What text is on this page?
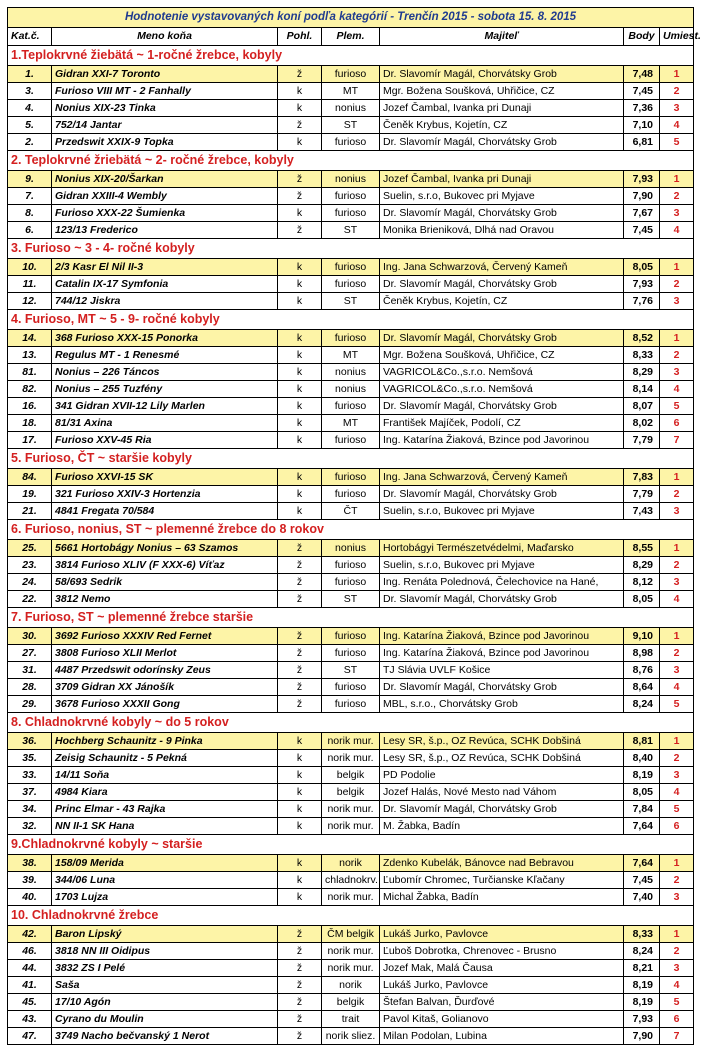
Hodnotenie vystavovaných koní podľa kategórií - Trenčín 2015 - sobota 15. 8. 2015						
Kat.č.	Meno koňa	Pohl.	Plem.	Majiteľ	Body	Umiest.
1.Teplokrvné žiebätá ~ 1-ročné žrebce, kobyly						
1.	Gidran XXI-7 Toronto	ž	furioso	Dr. Slavomír Magál, Chorvátsky Grob	7,48	1
3.	Furioso VIII MT - 2 Fanhally	k	MT	Mgr. Božena Soušková, Uhřičice, CZ	7,45	2
4.	Nonius XIX-23 Tinka	k	nonius	Jozef Čambal, Ivanka pri Dunaji	7,36	3
5.	752/14 Jantar	ž	ST	Čeněk Krybus, Kojetín, CZ	7,10	4
2.	Przedswit XXIX-9 Topka	k	furioso	Dr. Slavomír Magál, Chorvátsky Grob	6,81	5
2. Teplokrvné žriebätá ~ 2- ročné žrebce, kobyly						
9.	Nonius XIX-20/Šarkan	ž	nonius	Jozef Čambal, Ivanka pri Dunaji	7,93	1
7.	Gidran XXIII-4 Wembly	ž	furioso	Suelin, s.r.o, Bukovec pri Myjave	7,90	2
8.	Furioso XXX-22 Šumienka	k	furioso	Dr. Slavomír Magál, Chorvátsky Grob	7,67	3
6.	123/13 Frederico	ž	ST	Monika Brieniková, Dlhá nad Oravou	7,45	4
3. Furioso ~ 3 - 4- ročné kobyly						
10.	2/3 Kasr El Nil II-3	k	furioso	Ing. Jana Schwarzová, Červený Kameň	8,05	1
11.	Catalin IX-17 Symfonia	k	furioso	Dr. Slavomír Magál, Chorvátsky Grob	7,93	2
12.	744/12 Jiskra	k	ST	Čeněk Krybus, Kojetín, CZ	7,76	3
4. Furioso, MT ~ 5 - 9- ročné kobyly						
14.	368 Furioso XXX-15 Ponorka	k	furioso	Dr. Slavomír Magál, Chorvátsky Grob	8,52	1
13.	Regulus MT - 1 Renesmé	k	MT	Mgr. Božena Soušková, Uhřičice, CZ	8,33	2
81.	Nonius – 226 Táncos	k	nonius	VAGRICOL&Co.,s.r.o. Nemšová	8,29	3
82.	Nonius – 255 Tuzfény	k	nonius	VAGRICOL&Co.,s.r.o. Nemšová	8,14	4
16.	341 Gidran XVII-12 Lily Marlen	k	furioso	Dr. Slavomír Magál, Chorvátsky Grob	8,07	5
18.	81/31 Axina	k	MT	František Majíček, Podolí, CZ	8,02	6
17.	Furioso XXV-45 Ria	k	furioso	Ing. Katarína Žiaková, Bzince pod Javorinou	7,79	7
5. Furioso, ČT ~ staršie kobyly						
84.	Furioso XXVI-15 SK	k	furioso	Ing. Jana Schwarzová, Červený Kameň	7,83	1
19.	321 Furioso XXIV-3 Hortenzia	k	furioso	Dr. Slavomír Magál, Chorvátsky Grob	7,79	2
21.	4841 Fregata 70/584	k	ČT	Suelin, s.r.o, Bukovec pri Myjave	7,43	3
6. Furioso, nonius, ST ~ plemenné žrebce do 8 rokov						
25.	5661 Hortobágy Nonius – 63 Szamos	ž	nonius	Hortobágyi Természetvédelmi, Maďarsko	8,55	1
23.	3814 Furioso XLIV (F XXX-6) Víťaz	ž	furioso	Suelin, s.r.o, Bukovec pri Myjave	8,29	2
24.	58/693 Sedrik	ž	furioso	Ing. Renáta Polednová, Čelechovice na Hané,	8,12	3
22.	3812 Nemo	ž	ST	Dr. Slavomír Magál, Chorvátsky Grob	8,05	4
7. Furioso, ST ~ plemenné žrebce staršie						
30.	3692 Furioso XXXIV Red Fernet	ž	furioso	Ing. Katarína Žiaková, Bzince pod Javorinou	9,10	1
27.	3808 Furioso XLII Merlot	ž	furioso	Ing. Katarína Žiaková, Bzince pod Javorinou	8,98	2
31.	4487 Przedswit odorínsky Zeus	ž	ST	TJ Slávia UVLF Košice	8,76	3
28.	3709 Gidran XX Jánošík	ž	furioso	Dr. Slavomír Magál, Chorvátsky Grob	8,64	4
29.	3678 Furioso XXXII Gong	ž	furioso	MBL, s.r.o., Chorvátsky Grob	8,24	5
8. Chladnokrvné kobyly ~ do 5 rokov						
36.	Hochberg Schaunitz - 9 Pinka	k	norik mur.	Lesy SR, š.p., OZ Revúca, SCHK Dobšiná	8,81	1
35.	Zeisig Schaunitz - 5 Pekná	k	norik mur.	Lesy SR, š.p., OZ Revúca, SCHK Dobšiná	8,40	2
33.	14/11 Soňa	k	belgik	PD Podolie	8,19	3
37.	4984 Kiara	k	belgik	Jozef Halás, Nové Mesto nad Váhom	8,05	4
34.	Princ Elmar - 43 Rajka	k	norik mur.	Dr. Slavomír Magál, Chorvátsky Grob	7,84	5
32.	NN II-1 SK Hana	k	norik mur.	M. Žabka, Badín	7,64	6
9.Chladnokrvné kobyly ~ staršie						
38.	158/09 Merida	k	norik	Zdenko Kubelák, Bánovce nad Bebravou	7,64	1
39.	344/06 Luna	k	chladnokrv.	Ľubomír Chromec, Turčianske Kľačany	7,45	2
40.	1703 Lujza	k	norik mur.	Michal Žabka, Badín	7,40	3
10. Chladnokrvné žrebce						
42.	Baron Lipský	ž	ČM belgik	Lukáš Jurko, Pavlovce	8,33	1
46.	3818 NN III Oidipus	ž	norik mur.	Ľuboš Dobrotka, Chrenovec - Brusno	8,24	2
44.	3832 ZS I Pelé	ž	norik mur.	Jozef Mak, Malá Čausa	8,21	3
41.	Saša	ž	norik	Lukáš Jurko, Pavlovce	8,19	4
45.	17/10 Agón	ž	belgik	Štefan Balvan, Ďurďové	8,19	5
43.	Cyrano du Moulin	ž	trait	Pavol Kitaš, Golianovo	7,93	6
47.	3749 Nacho bečvanský 1 Nerot	ž	norik sliez.	Milan Podolan, Lubina	7,90	7
